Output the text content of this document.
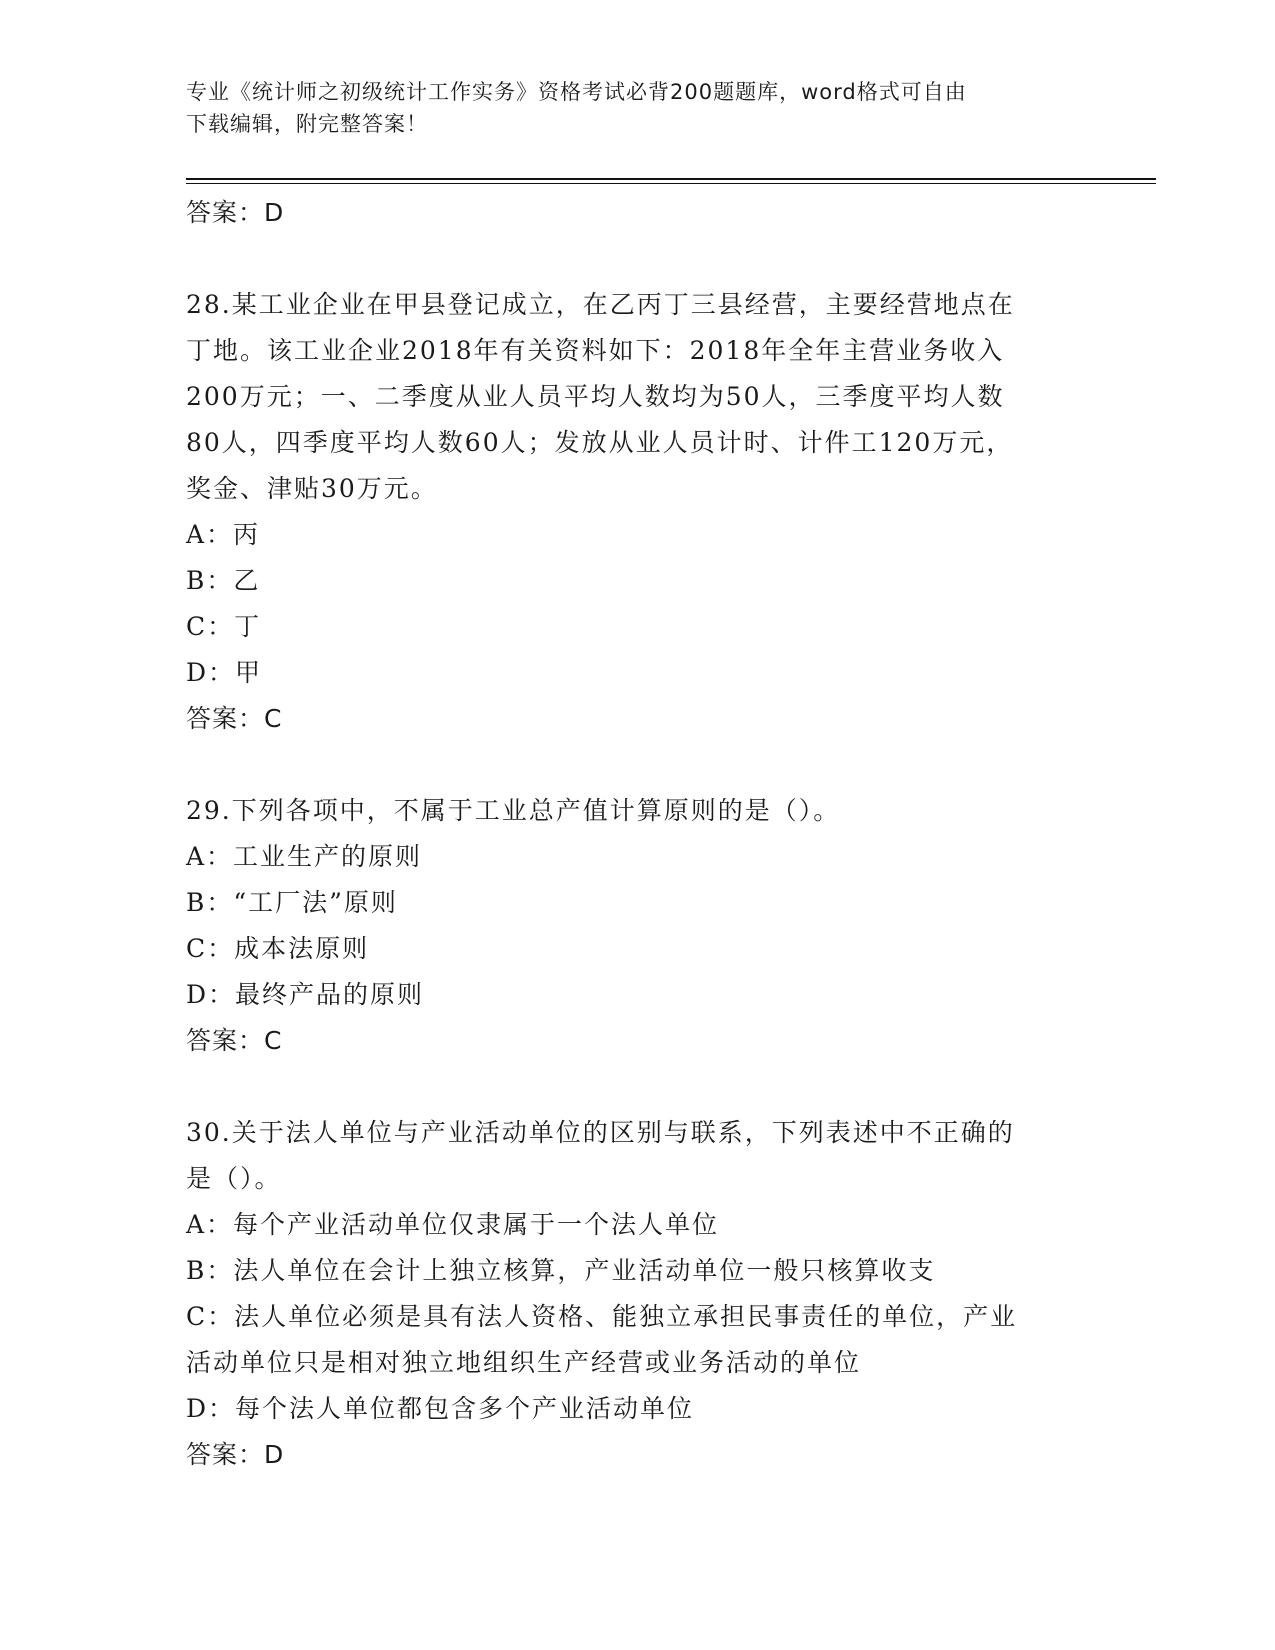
专业《统计师之初级统计工作实务》资格考试必背200题题库，word格式可自由
下载编辑，附完整答案！
答案：D
28.某工业企业在甲县登记成立，在乙丙丁三县经营，主要经营地点在
丁地。该工业企业2018年有关资料如下：2018年全年主营业务收入
200万元；一、二季度从业人员平均人数均为50人，三季度平均人数
80人，四季度平均人数60人；发放从业人员计时、计件工120万元，
奖金、津贴30万元。
A：丙
B：乙
C：丁
D：甲
答案：C
29.下列各项中，不属于工业总产值计算原则的是（）。
A：工业生产的原则
B：“工厂法”原则
C：成本法原则
D：最终产品的原则
答案：C
30.关于法人单位与产业活动单位的区别与联系，下列表述中不正确的
是（）。
A：每个产业活动单位仅隶属于一个法人单位
B：法人单位在会计上独立核算，产业活动单位一般只核算收支
C：法人单位必须是具有法人资格、能独立承担民事责任的单位，产业
活动单位只是相对独立地组织生产经营或业务活动的单位
D：每个法人单位都包含多个产业活动单位
答案：D
